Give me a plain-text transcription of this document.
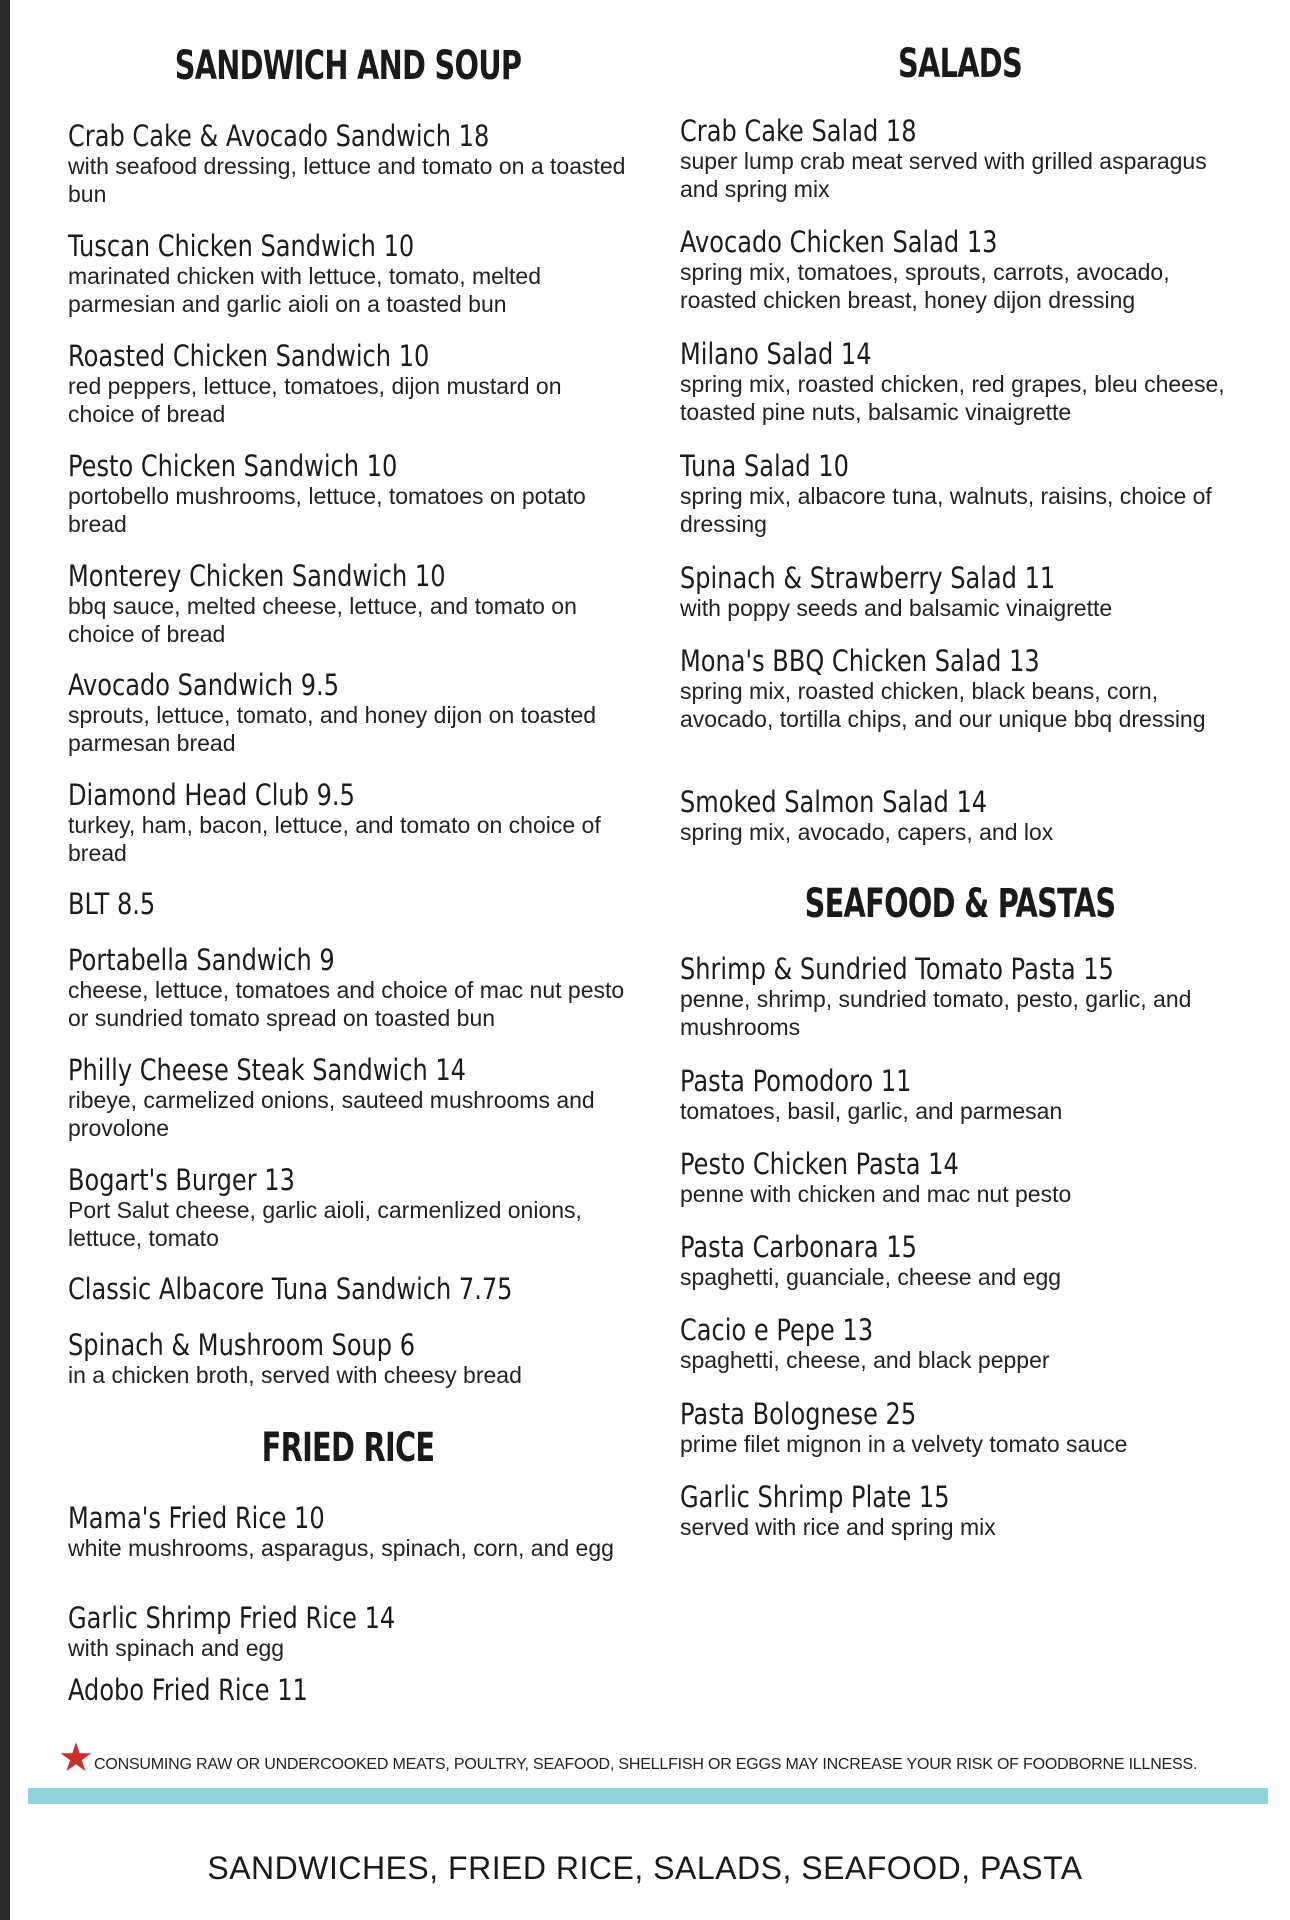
SANDWICH AND SOUP
Crab Cake & Avocado Sandwich 18
with seafood dressing, lettuce and tomato on a toasted bun
Tuscan Chicken Sandwich 10
marinated chicken with lettuce, tomato, melted parmesian and garlic aioli on a toasted bun
Roasted Chicken Sandwich 10
red peppers, lettuce, tomatoes, dijon mustard on choice of bread
Pesto Chicken Sandwich 10
portobello mushrooms, lettuce, tomatoes on potato bread
Monterey Chicken Sandwich 10
bbq sauce, melted cheese, lettuce, and tomato on choice of bread
Avocado Sandwich 9.5
sprouts, lettuce, tomato, and honey dijon on toasted parmesan bread
Diamond Head Club 9.5
turkey, ham, bacon, lettuce, and tomato on choice of bread
BLT 8.5
Portabella Sandwich 9
cheese, lettuce, tomatoes and choice of mac nut pesto or sundried tomato spread on toasted bun
Philly Cheese Steak Sandwich 14
ribeye, carmelized onions, sauteed mushrooms and provolone
Bogart's Burger 13
Port Salut cheese, garlic aioli, carmenlized onions, lettuce, tomato
Classic Albacore Tuna Sandwich 7.75
Spinach & Mushroom Soup 6
in a chicken broth, served with cheesy bread
FRIED RICE
Mama's Fried Rice 10
white mushrooms, asparagus, spinach, corn, and egg
Garlic Shrimp Fried Rice 14
with spinach and egg
Adobo Fried Rice 11
SALADS
Crab Cake Salad 18
super lump crab meat served with grilled asparagus and spring mix
Avocado Chicken Salad 13
spring mix, tomatoes, sprouts, carrots, avocado, roasted chicken breast, honey dijon dressing
Milano Salad 14
spring mix, roasted chicken, red grapes, bleu cheese, toasted pine nuts, balsamic vinaigrette
Tuna Salad 10
spring mix, albacore tuna, walnuts, raisins, choice of dressing
Spinach & Strawberry Salad 11
with poppy seeds and balsamic vinaigrette
Mona's BBQ Chicken Salad 13
spring mix, roasted chicken, black beans, corn, avocado, tortilla chips, and our unique bbq dressing
Smoked Salmon Salad 14
spring mix, avocado, capers, and lox
SEAFOOD & PASTAS
Shrimp & Sundried Tomato Pasta 15
penne, shrimp, sundried tomato, pesto, garlic, and mushrooms
Pasta Pomodoro 11
tomatoes, basil, garlic, and parmesan
Pesto Chicken Pasta 14
penne with chicken and mac nut pesto
Pasta Carbonara 15
spaghetti, guanciale, cheese and egg
Cacio e Pepe 13
spaghetti, cheese, and black pepper
Pasta Bolognese 25
prime filet mignon in a velvety tomato sauce
Garlic Shrimp Plate 15
served with rice and spring mix
★ CONSUMING RAW OR UNDERCOOKED MEATS, POULTRY, SEAFOOD, SHELLFISH OR EGGS MAY INCREASE YOUR RISK OF FOODBORNE ILLNESS.
SANDWICHES, FRIED RICE, SALADS, SEAFOOD, PASTA
